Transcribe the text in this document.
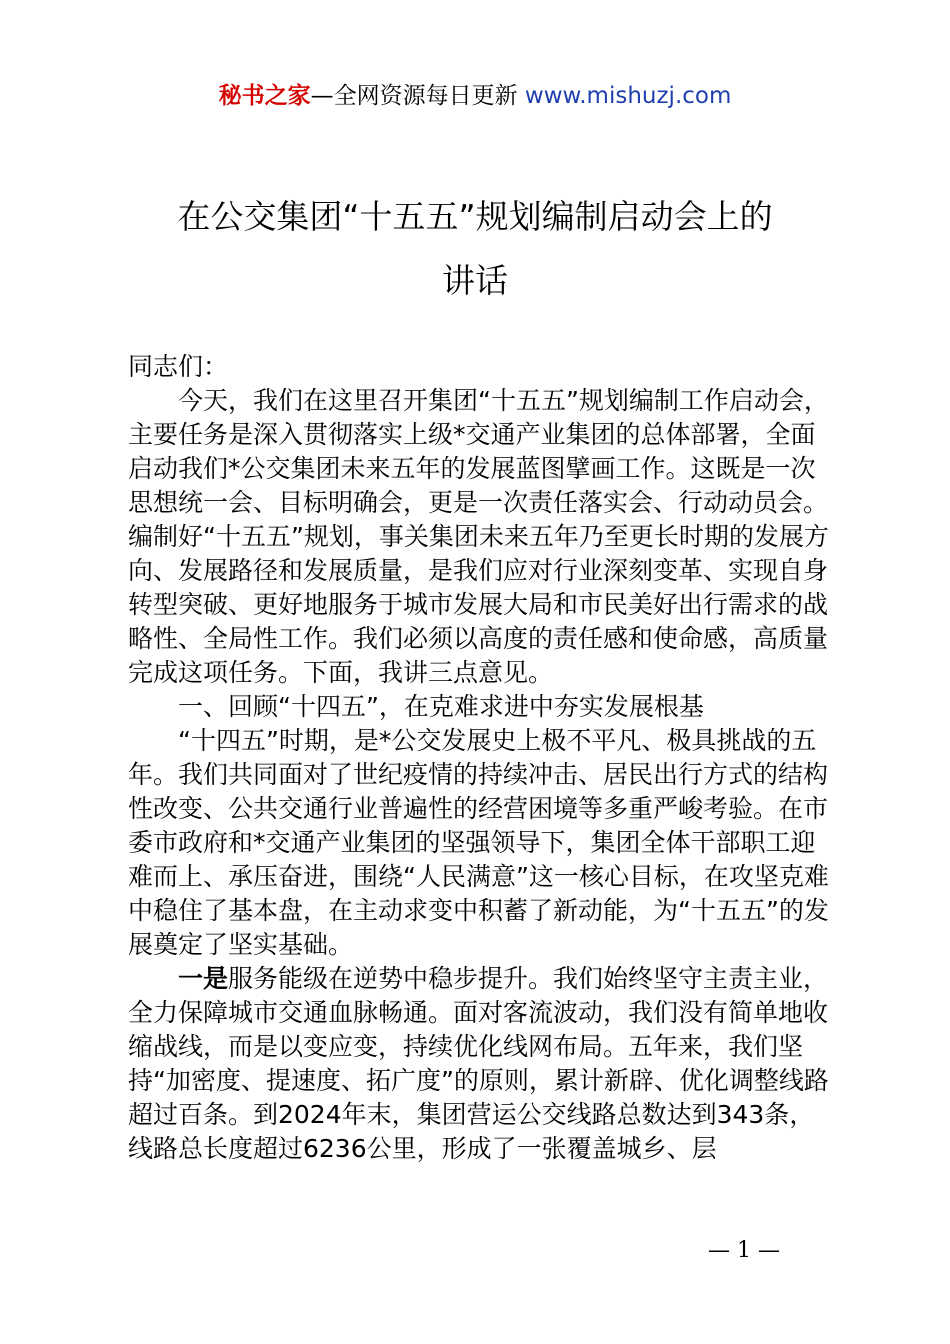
秘书之家—全网资源每日更新 www.mishuzj.com
在公交集团“十五五”规划编制启动会上的
讲话

同志们：

今天，我们在这里召开集团“十五五”规划编制工作启动会，主要任务是深入贯彻落实上级*交通产业集团的总体部署，全面启动我们*公交集团未来五年的发展蓝图擘画工作。这既是一次思想统一会、目标明确会，更是一次责任落实会、行动动员会。编制好“十五五”规划，事关集团未来五年乃至更长时期的发展方向、发展路径和发展质量，是我们应对行业深刻变革、实现自身转型突破、更好地服务于城市发展大局和市民美好出行需求的战略性、全局性工作。我们必须以高度的责任感和使命感，高质量完成这项任务。下面，我讲三点意见。

一、回顾“十四五”，在克难求进中夯实发展根基

“十四五”时期，是*公交发展史上极不平凡、极具挑战的五年。我们共同面对了世纪疫情的持续冲击、居民出行方式的结构性改变、公共交通行业普遍性的经营困境等多重严峻考验。在市委市政府和*交通产业集团的坚强领导下，集团全体干部职工迎难而上、承压奋进，围绕“人民满意”这一核心目标，在攻坚克难中稳住了基本盘，在主动求变中积蓄了新动能，为“十五五”的发展奠定了坚实基础。

一是服务能级在逆势中稳步提升。我们始终坚守主责主业，全力保障城市交通血脉畅通。面对客流波动，我们没有简单地收缩战线，而是以变应变，持续优化线网布局。五年来，我们坚持“加密度、提速度、拓广度”的原则，累计新辟、优化调整线路超过百条。到2024年末，集团营运公交线路总数达到343条，线路总长度超过6236公里，形成了一张覆盖城乡、层

— 1 —
